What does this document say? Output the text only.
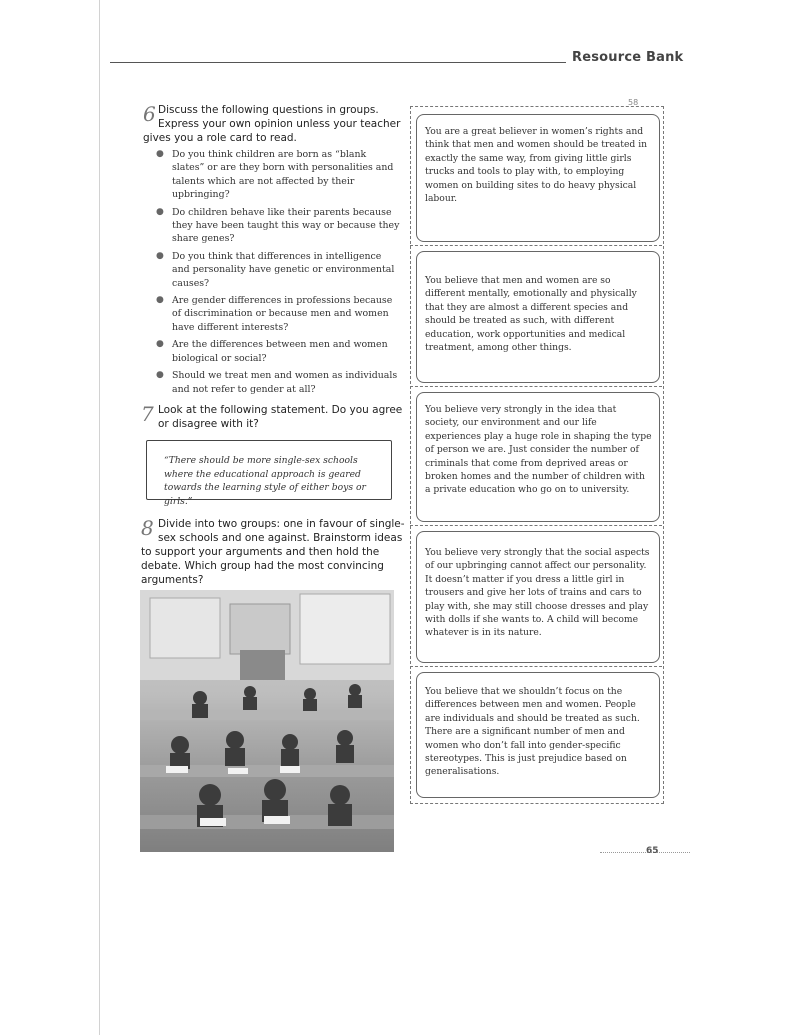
Resource Bank
6 Discuss the following questions in groups.
Express your own opinion unless your teacher
gives you a role card to read.
● Do you think children are born as “blank slates” or are they born with personalities and talents which are not affected by their upbringing?
● Do children behave like their parents because they have been taught this way or because they share genes?
● Do you think that differences in intelligence and personality have genetic or environmental causes?
● Are gender differences in professions because of discrimination or because men and women have different interests?
● Are the differences between men and women biological or social?
● Should we treat men and women as individuals and not refer to gender at all?
7 Look at the following statement. Do you agree
or disagree with it?
“There should be more single-sex schools where the educational approach is geared towards the learning style of either boys or girls.”
8 Divide into two groups: one in favour of single-
sex schools and one against. Brainstorm ideas
to support your arguments and then hold the
debate. Which group had the most convincing
arguments?
58
You are a great believer in women’s rights and think that men and women should be treated in exactly the same way, from giving little girls trucks and tools to play with, to employing women on building sites to do heavy physical labour.
You believe that men and women are so different mentally, emotionally and physically that they are almost a different species and should be treated as such, with different education, work opportunities and medical treatment, among other things.
You believe very strongly in the idea that society, our environment and our life experiences play a huge role in shaping the type of person we are. Just consider the number of criminals that come from deprived areas or broken homes and the number of children with a private education who go on to university.
You believe very strongly that the social aspects of our upbringing cannot affect our personality. It doesn’t matter if you dress a little girl in trousers and give her lots of trains and cars to play with, she may still choose dresses and play with dolls if she wants to. A child will become whatever is in its nature.
You believe that we shouldn’t focus on the differences between men and women. People are individuals and should be treated as such. There are a significant number of men and women who don’t fall into gender-specific stereotypes. This is just prejudice based on generalisations.
65
